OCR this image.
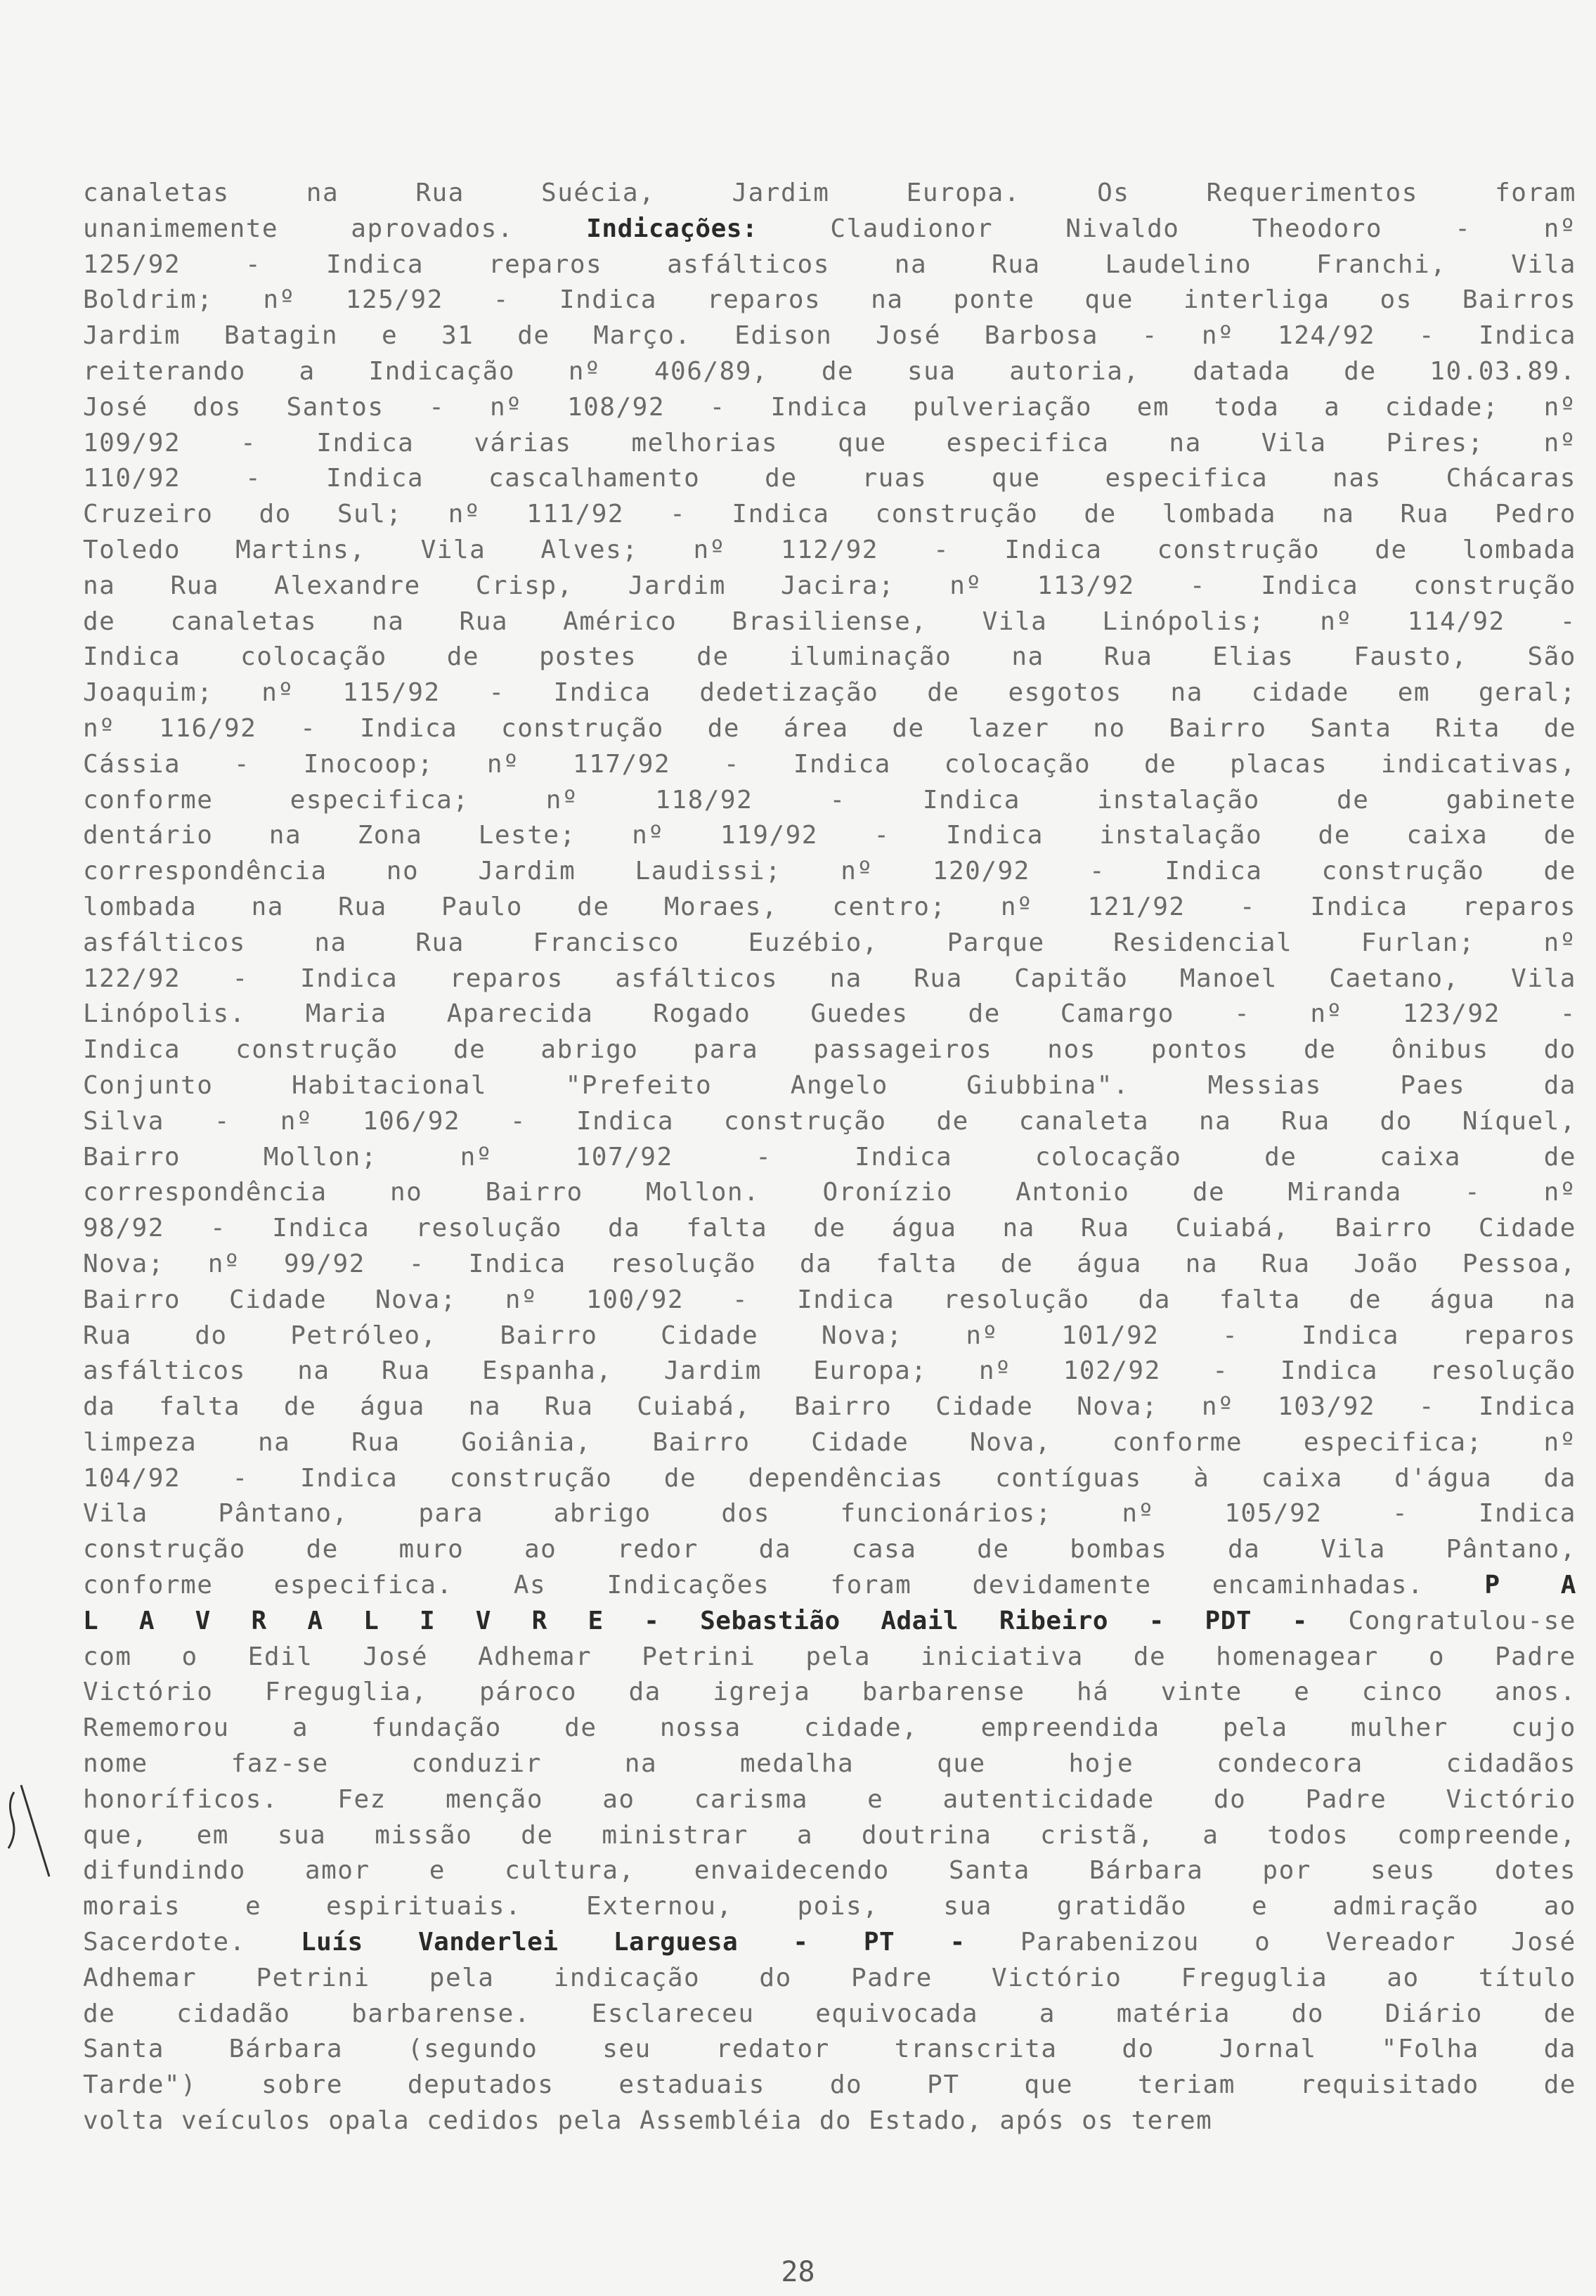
canaletas	na	Rua	Suécia,	Jardim	Europa.	Os	Requerimentos	foram
unanimemente	aprovados.	Indicações:	Claudionor	Nivaldo	Theodoro	-	nº
125/92	-	Indica	reparos	asfálticos	na	Rua	Laudelino	Franchi,	Vila
Boldrim; nº 125/92 - Indica reparos na ponte que interliga os Bairros
Jardim Batagin e 31 de Março. Edison José Barbosa - nº 124/92 - Indica
reiterando a Indicação nº 406/89, de sua autoria, datada de 10.03.89.
José dos Santos - nº 108/92 - Indica pulveriação em toda a cidade; nº
109/92 - Indica várias melhorias que especifica na Vila Pires; nº
110/92	-	Indica	cascalhamento	de	ruas	que	especifica	nas	Chácaras
Cruzeiro do Sul; nº 111/92 - Indica construção de lombada na Rua Pedro
Toledo Martins, Vila Alves; nº 112/92 - Indica construção de lombada
na Rua Alexandre Crisp, Jardim Jacira; nº 113/92 - Indica construção
de canaletas na Rua Américo Brasiliense, Vila Linópolis; nº 114/92 -
Indica colocação de postes de iluminação na Rua Elias Fausto, São
Joaquim; nº 115/92 - Indica dedetização de esgotos na cidade em geral;
nº 116/92 - Indica construção de área de lazer no Bairro Santa Rita de
Cássia - Inocoop; nº 117/92 - Indica colocação de placas indicativas,
conforme	especifica;	nº	118/92	-	Indica	instalação	de	gabinete
dentário na Zona Leste; nº 119/92 - Indica instalação de caixa de
correspondência no Jardim Laudissi; nº 120/92 - Indica construção de
lombada na Rua Paulo de Moraes, centro; nº 121/92 - Indica reparos
asfálticos	na	Rua	Francisco	Euzébio,	Parque	Residencial	Furlan;	nº
122/92 - Indica reparos asfálticos na Rua Capitão Manoel Caetano, Vila
Linópolis. Maria Aparecida Rogado Guedes de Camargo - nº 123/92 -
Indica construção de abrigo para passageiros nos pontos de ônibus do
Conjunto	Habitacional	"Prefeito	Angelo	Giubbina".	Messias	Paes	da
Silva - nº 106/92 - Indica construção de canaleta na Rua do Níquel,
Bairro	Mollon;	nº	107/92	-	Indica	colocação	de	caixa	de
correspondência no Bairro Mollon. Oronízio Antonio de Miranda - nº
98/92 - Indica resolução da falta de água na Rua Cuiabá, Bairro Cidade
Nova; nº 99/92 - Indica resolução da falta de água na Rua João Pessoa,
Bairro Cidade Nova; nº 100/92 - Indica resolução da falta de água na
Rua do Petróleo, Bairro Cidade Nova; nº 101/92 - Indica reparos
asfálticos na Rua Espanha, Jardim Europa; nº 102/92 - Indica resolução
da falta de água na Rua Cuiabá, Bairro Cidade Nova; nº 103/92 - Indica
limpeza na Rua Goiânia, Bairro Cidade Nova, conforme especifica; nº
104/92 - Indica construção de dependências contíguas à caixa d'água da
Vila	Pântano,	para	abrigo	dos	funcionários;	nº	105/92	-	Indica
construção de muro ao redor da casa de bombas da Vila Pântano,
conforme especifica. As Indicações foram devidamente encaminhadas. P A
L A V R A L I V R E - Sebastião Adail Ribeiro - PDT - Congratulou-se
com o Edil José Adhemar Petrini pela iniciativa de homenagear o Padre
Victório Freguglia, pároco da igreja barbarense há vinte e cinco anos.
Rememorou a fundação de nossa cidade, empreendida pela mulher cujo
nome	faz-se	conduzir	na	medalha	que	hoje	condecora	cidadãos
honoríficos. Fez menção ao carisma e autenticidade do Padre Victório
que, em sua missão de ministrar a doutrina cristã, a todos compreende,
difundindo amor e cultura, envaidecendo Santa Bárbara por seus dotes
morais	e	espirituais.	Externou,	pois,	sua	gratidão	e	admiração	ao
Sacerdote. Luís Vanderlei Larguesa - PT - Parabenizou o Vereador José
Adhemar Petrini pela indicação do Padre Victório Freguglia ao título
de cidadão barbarense. Esclareceu equivocada a matéria do Diário de
Santa	Bárbara	(segundo	seu	redator	transcrita	do	Jornal	"Folha	da
Tarde")	sobre	deputados	estaduais	do	PT	que	teriam	requisitado	de
volta veículos opala cedidos pela Assembléia do Estado, após os terem
28
